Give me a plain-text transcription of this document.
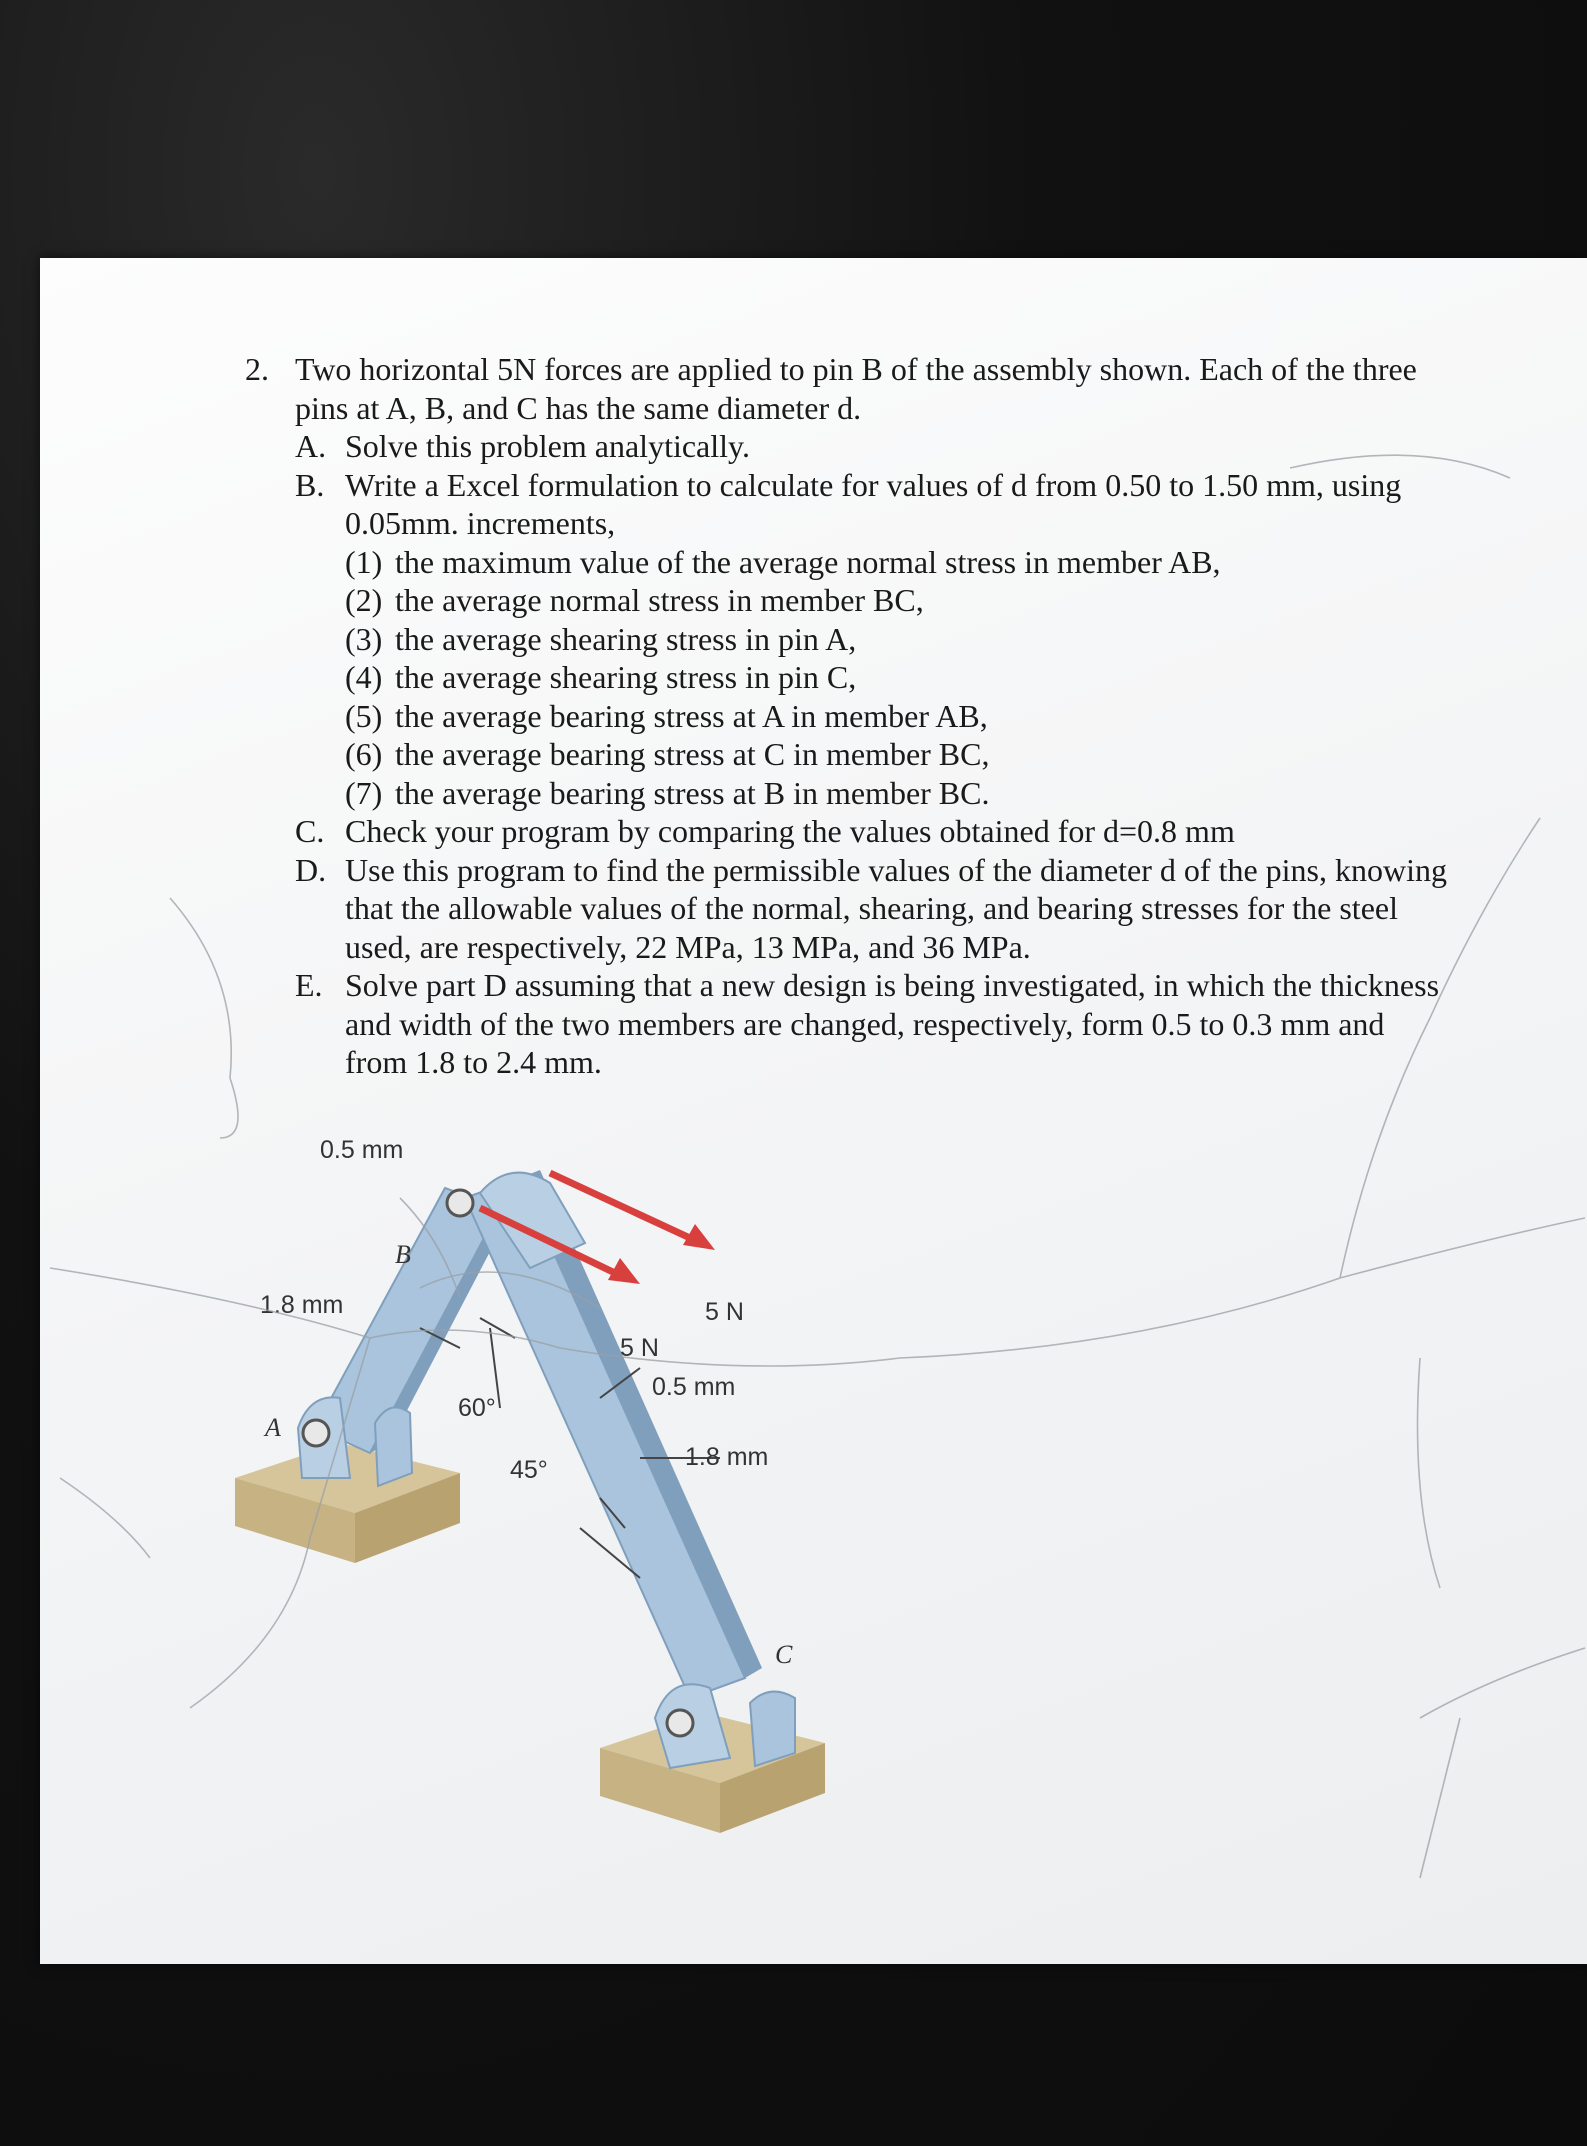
2. Two horizontal 5N forces are applied to pin B of the assembly shown. Each of the three
pins at A, B, and C has the same diameter d.
A. Solve this problem analytically.
B. Write a Excel formulation to calculate for values of d from 0.50 to 1.50 mm, using
0.05mm. increments,
(1) the maximum value of the average normal stress in member AB,
(2) the average normal stress in member BC,
(3) the average shearing stress in pin A,
(4) the average shearing stress in pin C,
(5) the average bearing stress at A in member AB,
(6) the average bearing stress at C in member BC,
(7) the average bearing stress at B in member BC.
C. Check your program by comparing the values obtained for d=0.8 mm
D. Use this program to find the permissible values of the diameter d of the pins, knowing
that the allowable values of the normal, shearing, and bearing stresses for the steel
used, are respectively, 22 MPa, 13 MPa, and 36 MPa.
E. Solve part D assuming that a new design is being investigated, in which the thickness
and width of the two members are changed, respectively, form 0.5 to 0.3 mm and
from 1.8 to 2.4 mm.
0.5 mm
1.8 mm
B
A
C
5 N
5 N
0.5 mm
1.8 mm
60°
45°
